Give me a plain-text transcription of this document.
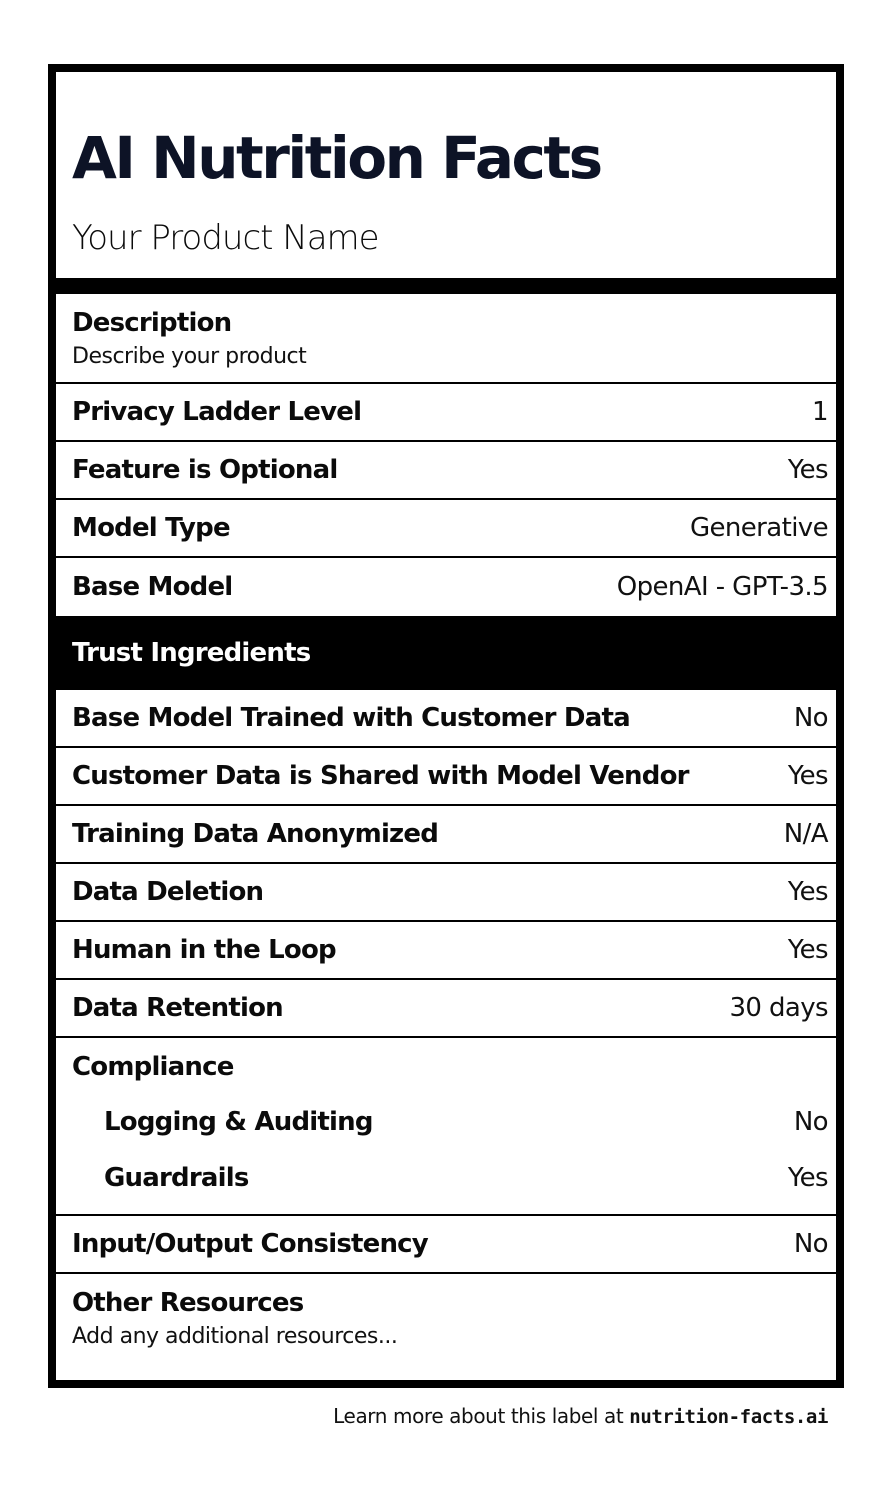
AI Nutrition Facts
Your Product Name
Description
Describe your product
Privacy Ladder Level	1
Feature is Optional	Yes
Model Type	Generative
Base Model	OpenAI - GPT-3.5
Trust Ingredients
Base Model Trained with Customer Data	No
Customer Data is Shared with Model Vendor	Yes
Training Data Anonymized	N/A
Data Deletion	Yes
Human in the Loop	Yes
Data Retention	30 days
Compliance
Logging & Auditing	No
Guardrails	Yes
Input/Output Consistency	No
Other Resources
Add any additional resources...
Learn more about this label at nutrition-facts.ai
